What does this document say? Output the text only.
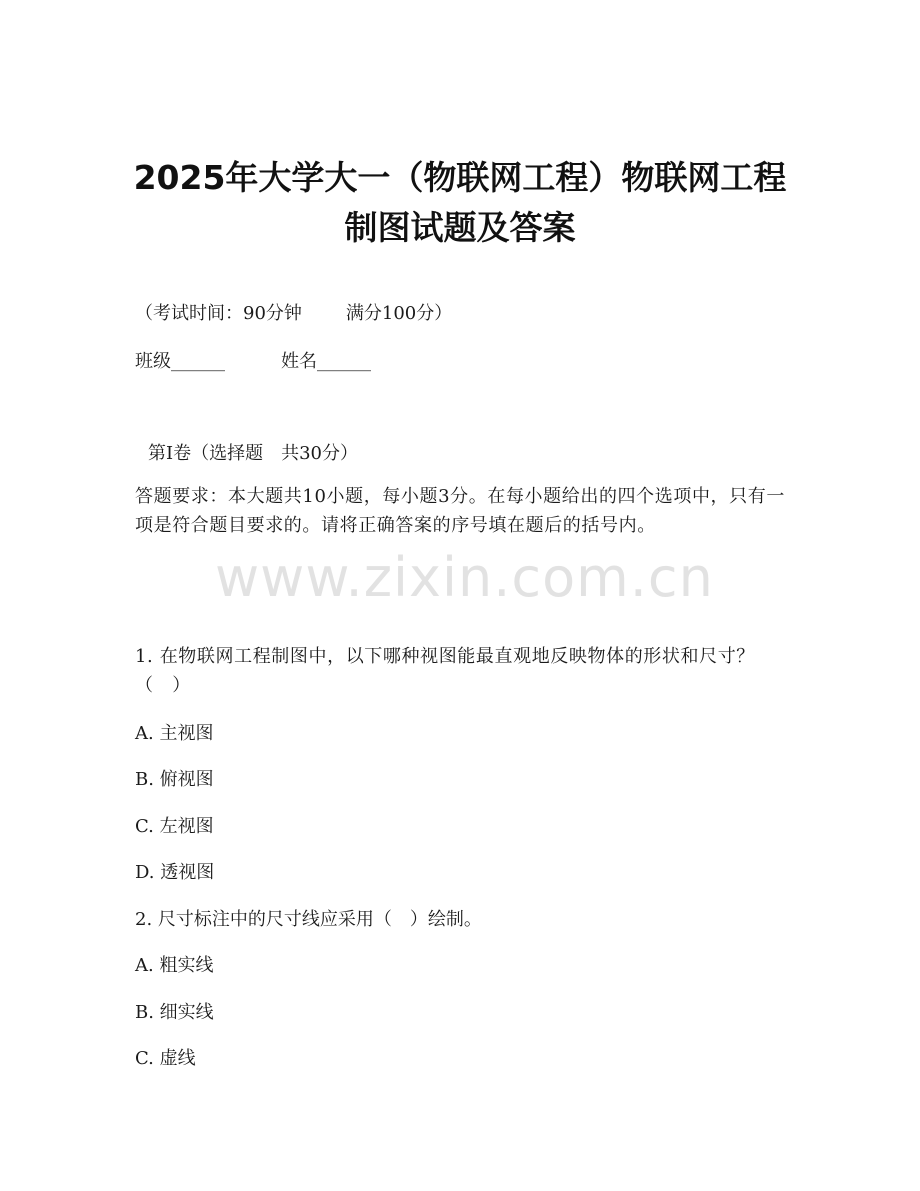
2025年大学大一（物联网工程）物联网工程
制图试题及答案
（考试时间：90分钟 满分100分）
班级______	姓名______
第I卷（选择题　共30分）
答题要求：本大题共10小题，每小题3分。在每小题给出的四个选项中，只有一项是符合题目要求的。请将正确答案的序号填在题后的括号内。
www.zixin.com.cn
1. 在物联网工程制图中，以下哪种视图能最直观地反映物体的形状和尺寸？（　）
A. 主视图
B. 俯视图
C. 左视图
D. 透视图
2. 尺寸标注中的尺寸线应采用（　）绘制。
A. 粗实线
B. 细实线
C. 虚线
